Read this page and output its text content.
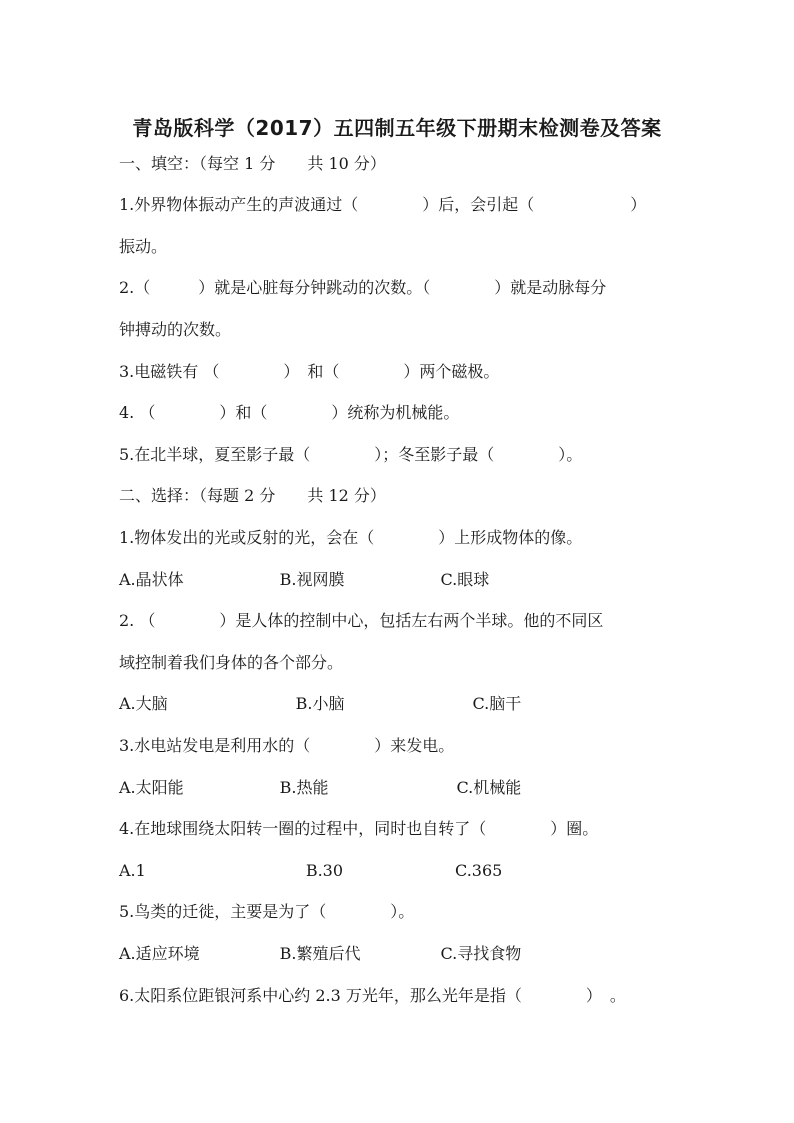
青岛版科学（2017）五四制五年级下册期末检测卷及答案
一、填空：（每空 1 分　　共 10 分）
1.外界物体振动产生的声波通过（　　　　）后，会引起（　　　　　　）
振动。
2.（　　　）就是心脏每分钟跳动的次数。（　　　　）就是动脉每分
钟搏动的次数。
3.电磁铁有 （　　　　）　和（　　　　）两个磁极。
4. （　　　　）和（　　　　）统称为机械能。
5.在北半球，夏至影子最（　　　　）；冬至影子最（　　　　）。
二、选择：（每题 2 分　　共 12 分）
1.物体发出的光或反射的光，会在（　　　　）上形成物体的像。
A.晶状体　　　　　　B.视网膜　　　　　　C.眼球
2. （　　　　）是人体的控制中心，包括左右两个半球。他的不同区
域控制着我们身体的各个部分。
A.大脑　　　　　　　　B.小脑　　　　　　　　C.脑干
3.水电站发电是利用水的（　　　　）来发电。
A.太阳能　　　　　　B.热能　　　　　　　　C.机械能
4.在地球围绕太阳转一圈的过程中，同时也自转了（　　　　）圈。
A.1　　　　　　　　　　B.30　　　　　　　C.365
5.鸟类的迁徙，主要是为了（　　　　）。
A.适应环境　　　　　B.繁殖后代　　　　　C.寻找食物
6.太阳系位距银河系中心约 2.3 万光年，那么光年是指（　　　　）　。
